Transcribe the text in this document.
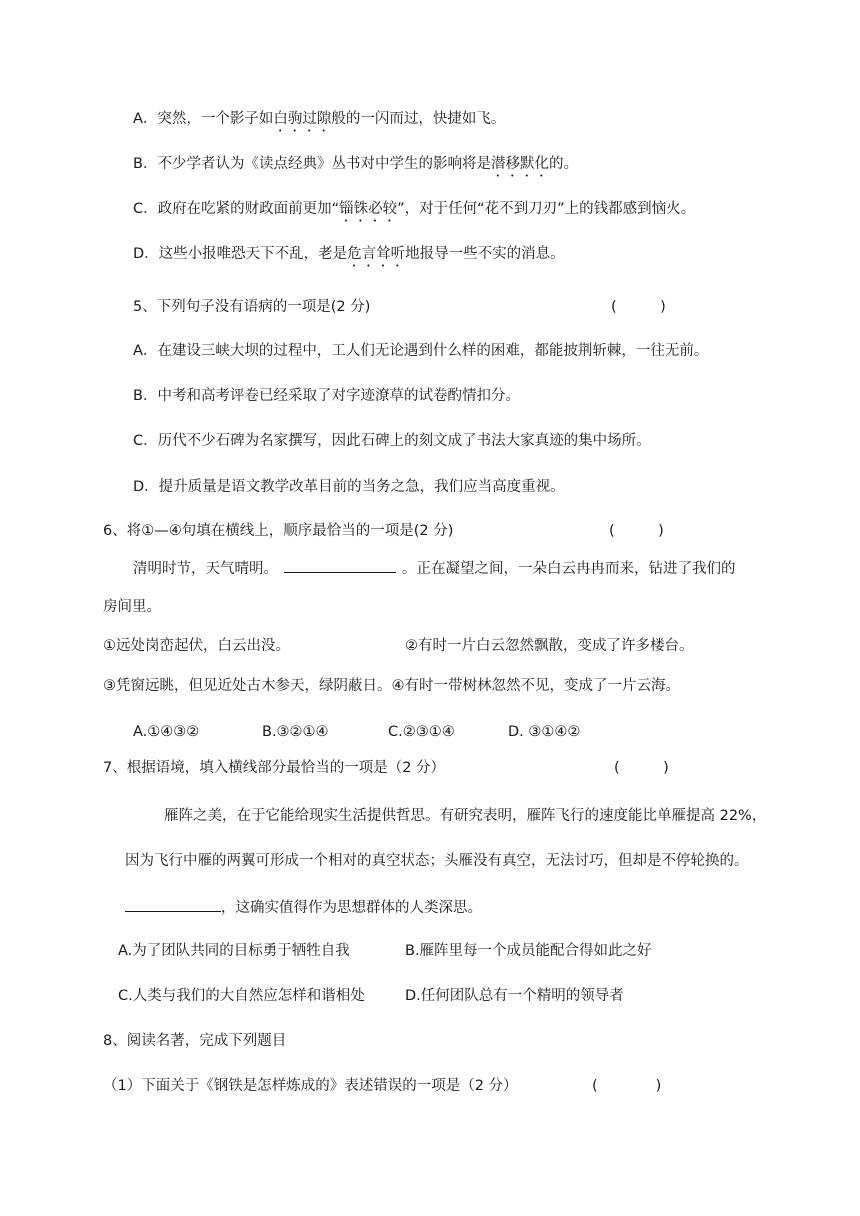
A．突然，一个影子如白驹过隙般的一闪而过，快捷如飞。
B．不少学者认为《读点经典》丛书对中学生的影响将是潜移默化的。
C．政府在吃紧的财政面前更加“锱铢必较”，对于任何“花不到刀刃”上的钱都感到恼火。
D．这些小报唯恐天下不乱，老是危言耸听地报导一些不实的消息。
5、下列句子没有语病的一项是(2 分)	(　　　)
A．在建设三峡大坝的过程中，工人们无论遇到什么样的困难，都能披荆斩棘，一往无前。
B．中考和高考评卷已经采取了对字迹潦草的试卷酌情扣分。
C．历代不少石碑为名家撰写，因此石碑上的刻文成了书法大家真迹的集中场所。
D．提升质量是语文教学改革目前的当务之急，我们应当高度重视。
6、将①—④句填在横线上，顺序最恰当的一项是(2 分)	(　　　)
清明时节，天气晴明。	。正在凝望之间，一朵白云冉冉而来，钻进了我们的
房间里。
①远处岗峦起伏，白云出没。	②有时一片白云忽然飘散，变成了许多楼台。
③凭窗远眺，但见近处古木参天，绿阴蔽日。④有时一带树林忽然不见，变成了一片云海。
A.①④③②	B.③②①④	C.②③①④	D. ③①④②
7、根据语境，填入横线部分最恰当的一项是（2 分）	(　　　)
雁阵之美，在于它能给现实生活提供哲思。有研究表明，雁阵飞行的速度能比单雁提高 22%，
因为飞行中雁的两翼可形成一个相对的真空状态；头雁没有真空，无法讨巧，但却是不停轮换的。
，这确实值得作为思想群体的人类深思。
A.为了团队共同的目标勇于牺牲自我	B.雁阵里每一个成员能配合得如此之好
C.人类与我们的大自然应怎样和谐相处	D.任何团队总有一个精明的领导者
8、阅读名著，完成下列题目
（1）下面关于《钢铁是怎样炼成的》表述错误的一项是（2 分）	(　　　　)
